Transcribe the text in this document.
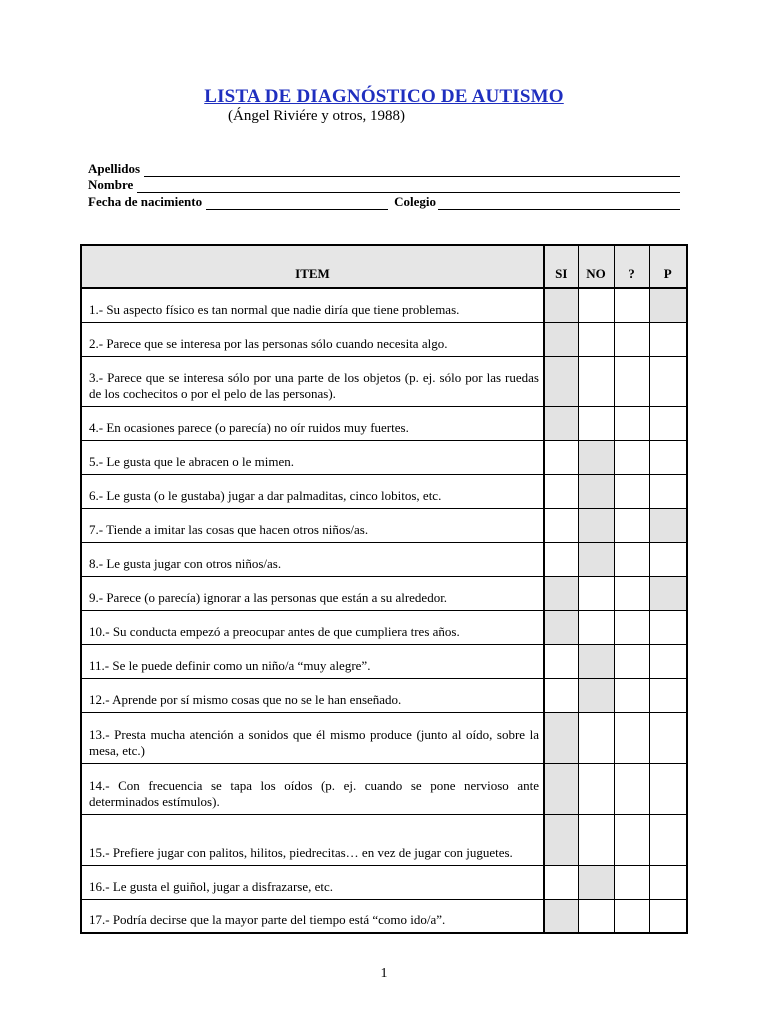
LISTA DE DIAGNÓSTICO DE AUTISMO
(Ángel Riviére y otros, 1988)
Apellidos
Nombre
Fecha de nacimiento	Colegio
ITEM	SI	NO	?	P
1.- Su aspecto físico es tan normal que nadie diría que tiene problemas.				
2.- Parece que se interesa por las personas sólo cuando necesita algo.				
3.- Parece que se interesa sólo por una parte de los objetos (p. ej. sólo por las ruedas de los cochecitos o por el pelo de las personas).				
4.- En ocasiones parece (o parecía) no oír ruidos muy fuertes.				
5.- Le gusta que le abracen o le mimen.				
6.- Le gusta (o le gustaba) jugar a dar palmaditas, cinco lobitos, etc.				
7.- Tiende a imitar las cosas que hacen otros niños/as.				
8.- Le gusta jugar con otros niños/as.				
9.- Parece (o parecía) ignorar a las personas que están a su alrededor.				
10.- Su conducta empezó a preocupar antes de que cumpliera tres años.				
11.- Se le puede definir como un niño/a “muy alegre”.				
12.- Aprende por sí mismo cosas que no se le han enseñado.				
13.- Presta mucha atención a sonidos que él mismo produce (junto al oído, sobre la mesa, etc.)				
14.- Con frecuencia se tapa los oídos (p. ej. cuando se pone nervioso ante determinados estímulos).				
15.- Prefiere jugar con palitos, hilitos, piedrecitas… en vez de jugar con juguetes.				
16.- Le gusta el guiñol, jugar a disfrazarse, etc.				
17.- Podría decirse que la mayor parte del tiempo está “como ido/a”.				
1
